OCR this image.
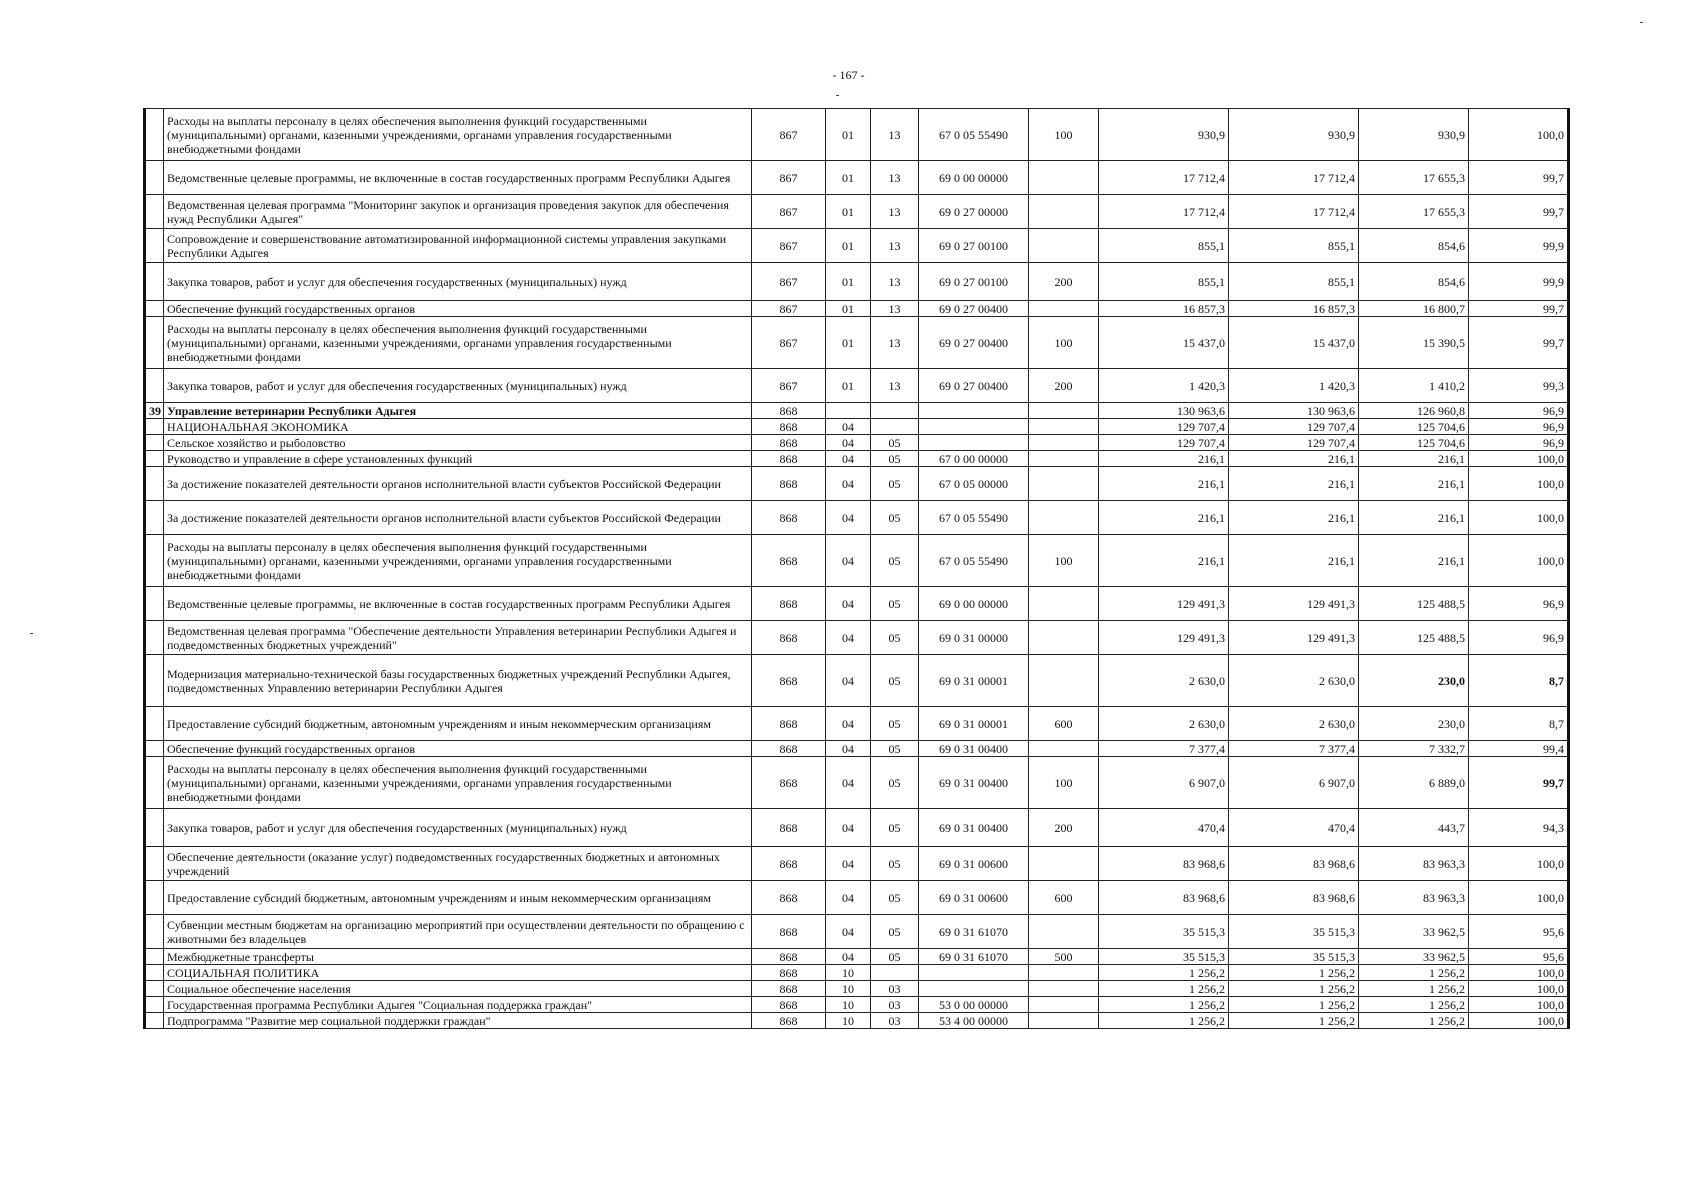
- 167 -
	Расходы на выплаты персоналу в целях обеспечения выполнения функций государственными (муниципальными) органами, казенными учреждениями, органами управления государственными внебюджетными фондами	867	01	13	67 0 05 55490	100	930,9	930,9	930,9	100,0
	Ведомственные целевые программы, не включенные в состав государственных программ Республики Адыгея	867	01	13	69 0 00 00000		17 712,4	17 712,4	17 655,3	99,7
	Ведомственная целевая программа "Мониторинг закупок и организация проведения закупок для обеспечения нужд Республики Адыгея"	867	01	13	69 0 27 00000		17 712,4	17 712,4	17 655,3	99,7
	Сопровождение и совершенствование автоматизированной информационной системы управления закупками Республики Адыгея	867	01	13	69 0 27 00100		855,1	855,1	854,6	99,9
	Закупка товаров, работ и услуг для обеспечения государственных (муниципальных) нужд	867	01	13	69 0 27 00100	200	855,1	855,1	854,6	99,9
	Обеспечение функций государственных органов	867	01	13	69 0 27 00400		16 857,3	16 857,3	16 800,7	99,7
	Расходы на выплаты персоналу в целях обеспечения выполнения функций государственными (муниципальными) органами, казенными учреждениями, органами управления государственными внебюджетными фондами	867	01	13	69 0 27 00400	100	15 437,0	15 437,0	15 390,5	99,7
	Закупка товаров, работ и услуг для обеспечения государственных (муниципальных) нужд	867	01	13	69 0 27 00400	200	1 420,3	1 420,3	1 410,2	99,3
39	Управление ветеринарии Республики Адыгея	868					130 963,6	130 963,6	126 960,8	96,9
	НАЦИОНАЛЬНАЯ ЭКОНОМИКА	868	04				129 707,4	129 707,4	125 704,6	96,9
	Сельское хозяйство и рыболовство	868	04	05			129 707,4	129 707,4	125 704,6	96,9
	Руководство и управление в сфере установленных функций	868	04	05	67 0 00 00000		216,1	216,1	216,1	100,0
	За достижение показателей деятельности органов исполнительной власти субъектов Российской Федерации	868	04	05	67 0 05 00000		216,1	216,1	216,1	100,0
	За достижение показателей деятельности органов исполнительной власти субъектов Российской Федерации	868	04	05	67 0 05 55490		216,1	216,1	216,1	100,0
	Расходы на выплаты персоналу в целях обеспечения выполнения функций государственными (муниципальными) органами, казенными учреждениями, органами управления государственными внебюджетными фондами	868	04	05	67 0 05 55490	100	216,1	216,1	216,1	100,0
	Ведомственные целевые программы, не включенные в состав государственных программ Республики Адыгея	868	04	05	69 0 00 00000		129 491,3	129 491,3	125 488,5	96,9
	Ведомственная целевая программа "Обеспечение деятельности Управления ветеринарии Республики Адыгея и подведомственных бюджетных учреждений"	868	04	05	69 0 31 00000		129 491,3	129 491,3	125 488,5	96,9
	Модернизация материально-технической базы государственных бюджетных учреждений Республики Адыгея, подведомственных Управлению ветеринарии Республики Адыгея	868	04	05	69 0 31 00001		2 630,0	2 630,0	230,0	8,7
	Предоставление субсидий бюджетным, автономным учреждениям и иным некоммерческим организациям	868	04	05	69 0 31 00001	600	2 630,0	2 630,0	230,0	8,7
	Обеспечение функций государственных органов	868	04	05	69 0 31 00400		7 377,4	7 377,4	7 332,7	99,4
	Расходы на выплаты персоналу в целях обеспечения выполнения функций государственными (муниципальными) органами, казенными учреждениями, органами управления государственными внебюджетными фондами	868	04	05	69 0 31 00400	100	6 907,0	6 907,0	6 889,0	99,7
	Закупка товаров, работ и услуг для обеспечения государственных (муниципальных) нужд	868	04	05	69 0 31 00400	200	470,4	470,4	443,7	94,3
	Обеспечение деятельности (оказание услуг) подведомственных государственных бюджетных и автономных учреждений	868	04	05	69 0 31 00600		83 968,6	83 968,6	83 963,3	100,0
	Предоставление субсидий бюджетным, автономным учреждениям и иным некоммерческим организациям	868	04	05	69 0 31 00600	600	83 968,6	83 968,6	83 963,3	100,0
	Субвенции местным бюджетам на организацию мероприятий при осуществлении деятельности по обращению с животными без владельцев	868	04	05	69 0 31 61070		35 515,3	35 515,3	33 962,5	95,6
	Межбюджетные трансферты	868	04	05	69 0 31 61070	500	35 515,3	35 515,3	33 962,5	95,6
	СОЦИАЛЬНАЯ ПОЛИТИКА	868	10				1 256,2	1 256,2	1 256,2	100,0
	Социальное обеспечение населения	868	10	03			1 256,2	1 256,2	1 256,2	100,0
	Государственная программа Республики Адыгея "Социальная поддержка граждан"	868	10	03	53 0 00 00000		1 256,2	1 256,2	1 256,2	100,0
	Подпрограмма "Развитие мер социальной поддержки граждан"	868	10	03	53 4 00 00000		1 256,2	1 256,2	1 256,2	100,0
